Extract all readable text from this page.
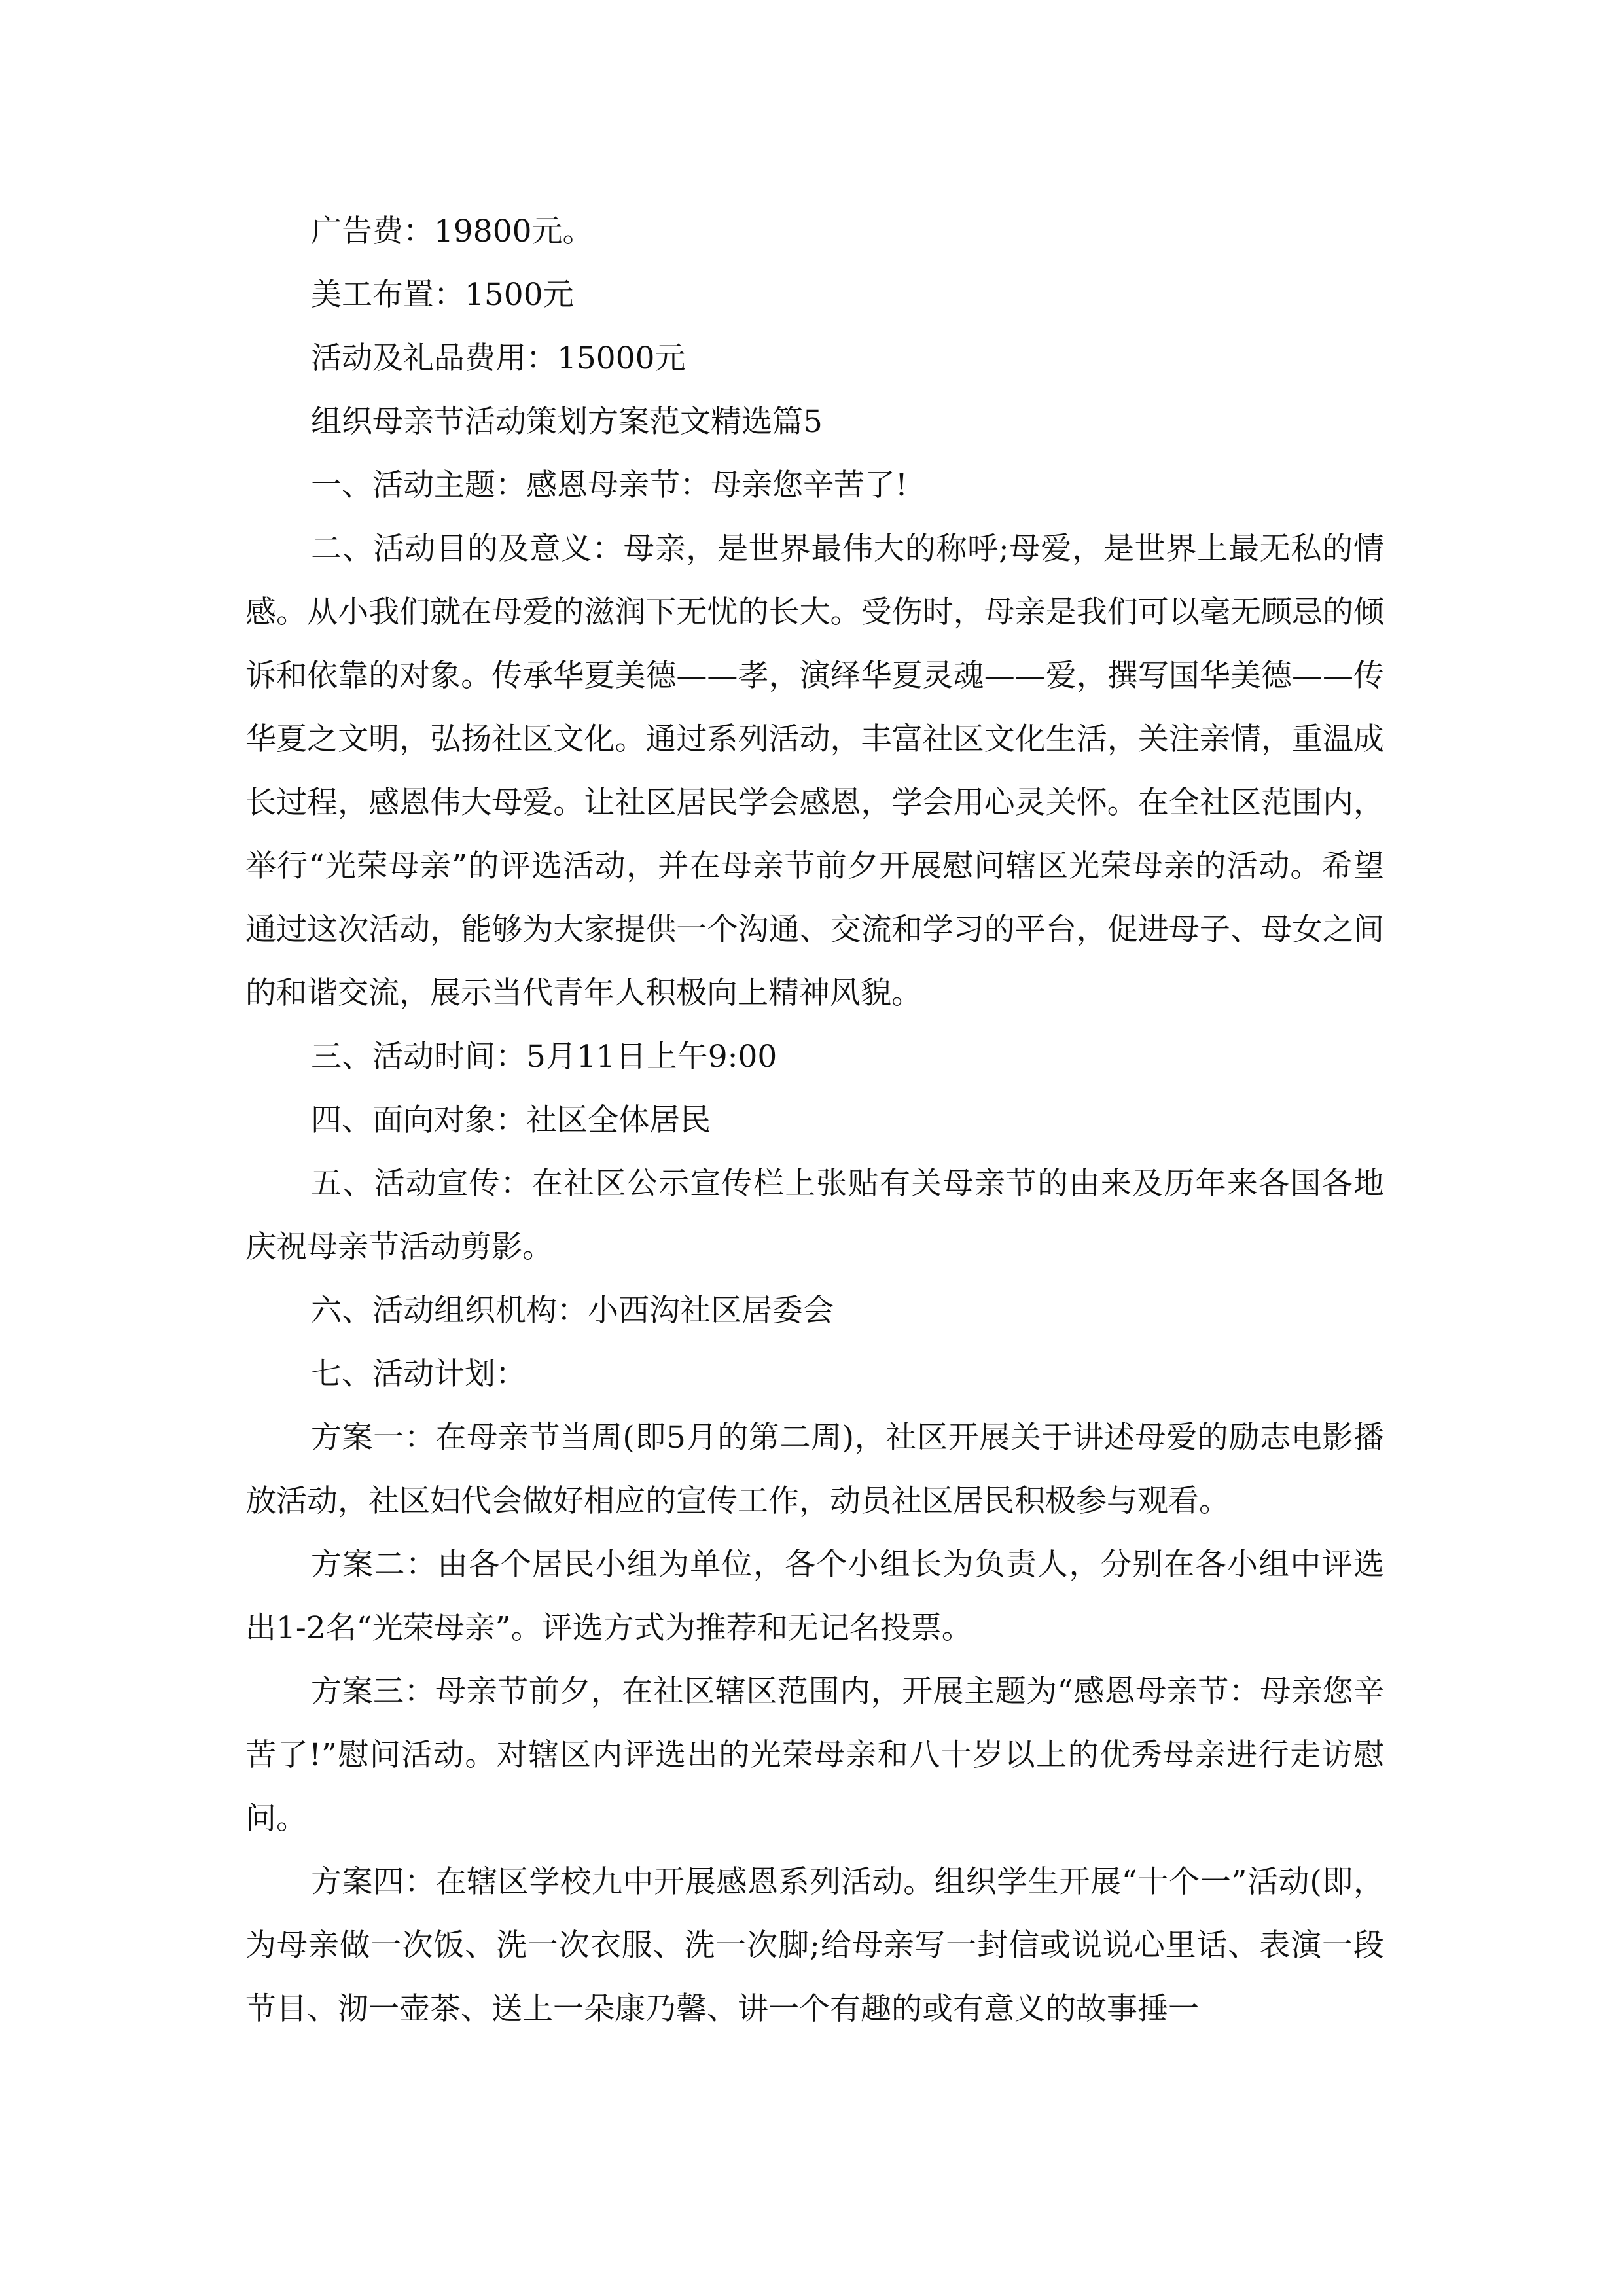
广告费：19800元。

美工布置：1500元

活动及礼品费用：15000元

组织母亲节活动策划方案范文精选篇5

一、活动主题：感恩母亲节：母亲您辛苦了!

二、活动目的及意义：母亲，是世界最伟大的称呼;母爱，是世界上最无私的情感。从小我们就在母爱的滋润下无忧的长大。受伤时，母亲是我们可以毫无顾忌的倾诉和依靠的对象。传承华夏美德——孝，演绎华夏灵魂——爱，撰写国华美德——传华夏之文明，弘扬社区文化。通过系列活动，丰富社区文化生活，关注亲情，重温成长过程，感恩伟大母爱。让社区居民学会感恩，学会用心灵关怀。在全社区范围内，举行“光荣母亲”的评选活动，并在母亲节前夕开展慰问辖区光荣母亲的活动。希望通过这次活动，能够为大家提供一个沟通、交流和学习的平台，促进母子、母女之间的和谐交流，展示当代青年人积极向上精神风貌。

三、活动时间：5月11日上午9:00

四、面向对象：社区全体居民

五、活动宣传：在社区公示宣传栏上张贴有关母亲节的由来及历年来各国各地庆祝母亲节活动剪影。

六、活动组织机构：小西沟社区居委会

七、活动计划：

方案一：在母亲节当周(即5月的第二周)，社区开展关于讲述母爱的励志电影播放活动，社区妇代会做好相应的宣传工作，动员社区居民积极参与观看。

方案二：由各个居民小组为单位，各个小组长为负责人，分别在各小组中评选出1-2名“光荣母亲”。评选方式为推荐和无记名投票。

方案三：母亲节前夕，在社区辖区范围内，开展主题为“感恩母亲节：母亲您辛苦了!”慰问活动。对辖区内评选出的光荣母亲和八十岁以上的优秀母亲进行走访慰问。

方案四：在辖区学校九中开展感恩系列活动。组织学生开展“十个一”活动(即，为母亲做一次饭、洗一次衣服、洗一次脚;给母亲写一封信或说说心里话、表演一段节目、沏一壶茶、送上一朵康乃馨、讲一个有趣的或有意义的故事捶一
